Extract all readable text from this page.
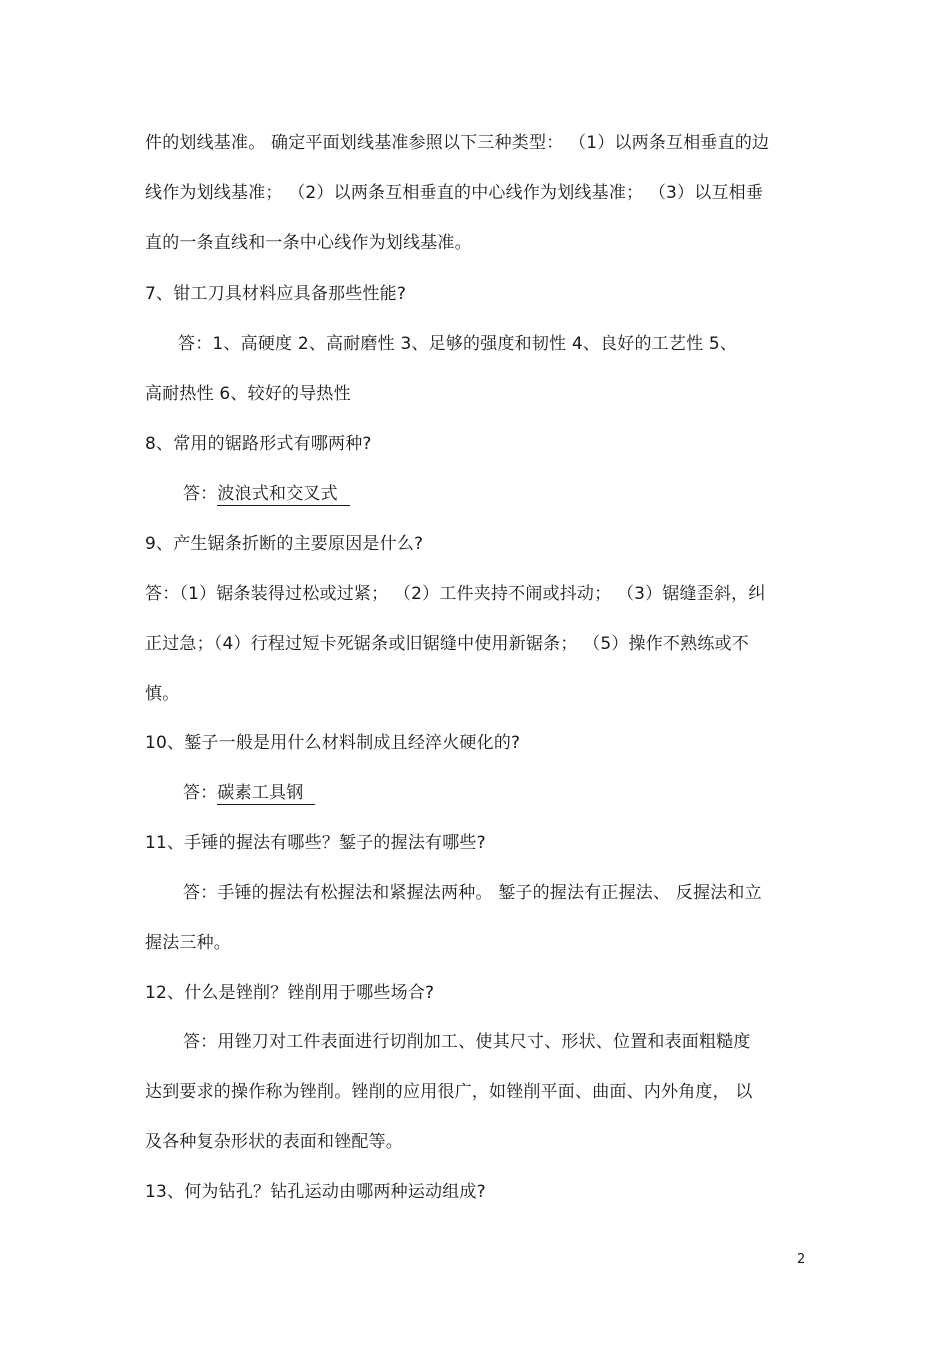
件的划线基准。 确定平面划线基准参照以下三种类型： （1）以两条互相垂直的边
线作为划线基准； （2）以两条互相垂直的中心线作为划线基准； （3）以互相垂
直的一条直线和一条中心线作为划线基准。
7、钳工刀具材料应具备那些性能?
答：1、高硬度 2、高耐磨性 3、足够的强度和韧性 4、良好的工艺性 5、
高耐热性 6、较好的导热性
8、常用的锯路形式有哪两种?
答：波浪式和交叉式
9、产生锯条折断的主要原因是什么?
答：（1）锯条装得过松或过紧； （2）工件夹持不闹或抖动； （3）锯缝歪斜，纠
正过急；（4）行程过短卡死锯条或旧锯缝中使用新锯条； （5）操作不熟练或不
慎。
10、錾子一般是用什么材料制成且经淬火硬化的?
答：碳素工具钢
11、手锤的握法有哪些？錾子的握法有哪些?
答：手锤的握法有松握法和紧握法两种。 錾子的握法有正握法、 反握法和立
握法三种。
12、什么是锉削？锉削用于哪些场合?
答：用锉刀对工件表面进行切削加工、使其尺寸、形状、位置和表面粗糙度
达到要求的操作称为锉削。锉削的应用很广，如锉削平面、曲面、内外角度， 以
及各种复杂形状的表面和锉配等。
13、何为钻孔？钻孔运动由哪两种运动组成?
2
